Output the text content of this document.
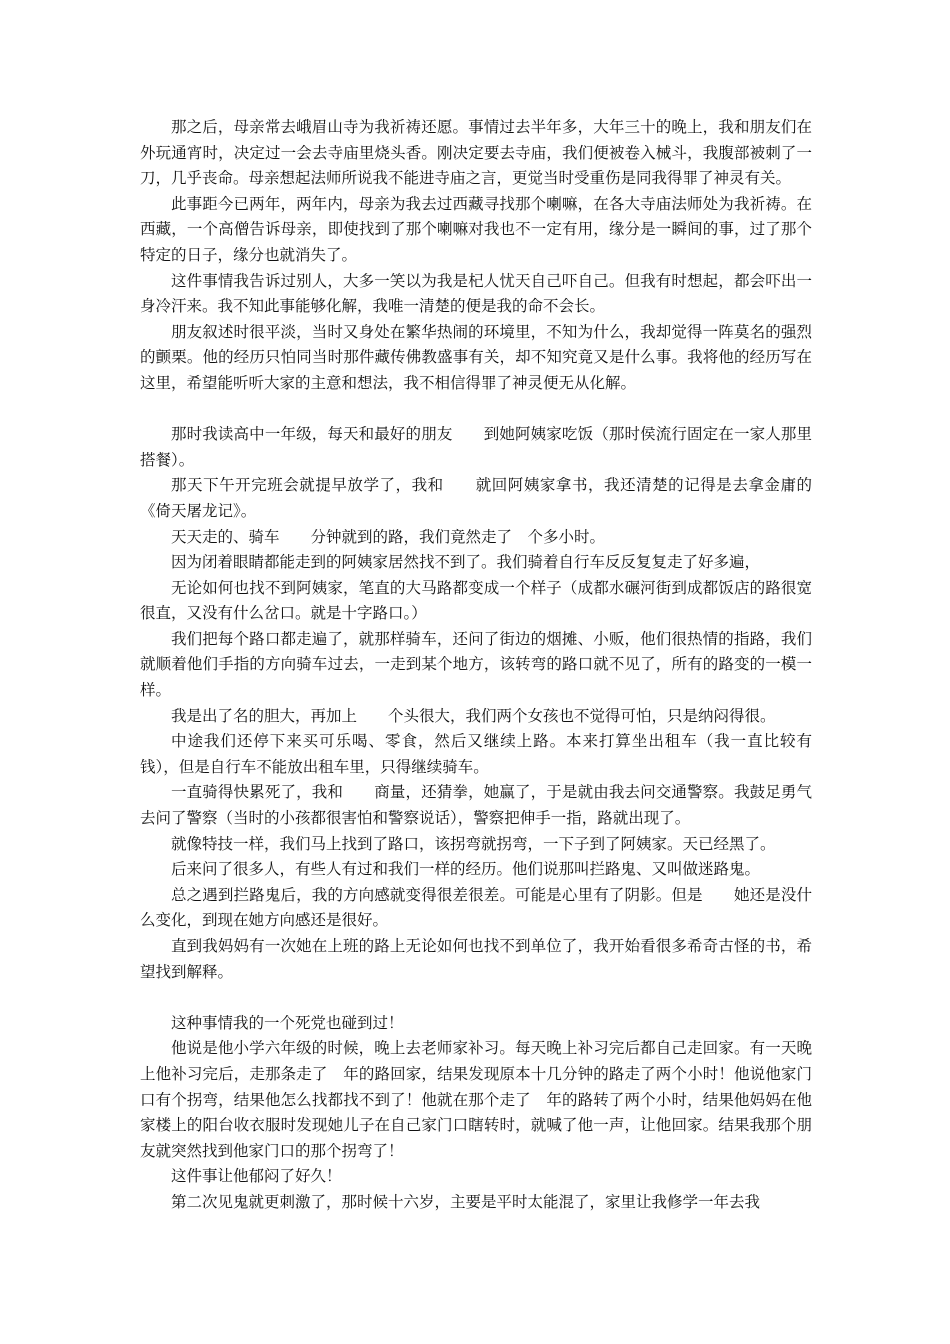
那之后，母亲常去峨眉山寺为我祈祷还愿。事情过去半年多，大年三十的晚上，我和朋友们在外玩通宵时，决定过一会去寺庙里烧头香。刚决定要去寺庙，我们便被卷入械斗，我腹部被刺了一刀，几乎丧命。母亲想起法师所说我不能进寺庙之言，更觉当时受重伤是同我得罪了神灵有关。

此事距今已两年，两年内，母亲为我去过西藏寻找那个喇嘛，在各大寺庙法师处为我祈祷。在西藏，一个高僧告诉母亲，即使找到了那个喇嘛对我也不一定有用，缘分是一瞬间的事，过了那个特定的日子，缘分也就消失了。

这件事情我告诉过别人，大多一笑以为我是杞人忧天自己吓自己。但我有时想起，都会吓出一身冷汗来。我不知此事能够化解，我唯一清楚的便是我的命不会长。

朋友叙述时很平淡，当时又身处在繁华热闹的环境里，不知为什么，我却觉得一阵莫名的强烈的颤栗。他的经历只怕同当时那件藏传佛教盛事有关，却不知究竟又是什么事。我将他的经历写在这里，希望能听听大家的主意和想法，我不相信得罪了神灵便无从化解。

那时我读高中一年级，每天和最好的朋友　　到她阿姨家吃饭（那时侯流行固定在一家人那里搭餐）。

那天下午开完班会就提早放学了，我和　　就回阿姨家拿书，我还清楚的记得是去拿金庸的《倚天屠龙记》。

天天走的、骑车　　分钟就到的路，我们竟然走了　个多小时。

因为闭着眼睛都能走到的阿姨家居然找不到了。我们骑着自行车反反复复走了好多遍，

无论如何也找不到阿姨家，笔直的大马路都变成一个样子（成都水碾河街到成都饭店的路很宽很直，又没有什么岔口。就是十字路口。）

我们把每个路口都走遍了，就那样骑车，还问了街边的烟摊、小贩，他们很热情的指路，我们就顺着他们手指的方向骑车过去，一走到某个地方，该转弯的路口就不见了，所有的路变的一模一样。

我是出了名的胆大，再加上　　个头很大，我们两个女孩也不觉得可怕，只是纳闷得很。

中途我们还停下来买可乐喝、零食，然后又继续上路。本来打算坐出租车（我一直比较有钱），但是自行车不能放出租车里，只得继续骑车。

一直骑得快累死了，我和　　商量，还猜拳，她赢了，于是就由我去问交通警察。我鼓足勇气去问了警察（当时的小孩都很害怕和警察说话），警察把伸手一指，路就出现了。

就像特技一样，我们马上找到了路口，该拐弯就拐弯，一下子到了阿姨家。天已经黑了。

后来问了很多人，有些人有过和我们一样的经历。他们说那叫拦路鬼、又叫做迷路鬼。

总之遇到拦路鬼后，我的方向感就变得很差很差。可能是心里有了阴影。但是　　她还是没什么变化，到现在她方向感还是很好。

直到我妈妈有一次她在上班的路上无论如何也找不到单位了，我开始看很多希奇古怪的书，希望找到解释。

这种事情我的一个死党也碰到过！

他说是他小学六年级的时候，晚上去老师家补习。每天晚上补习完后都自己走回家。有一天晚上他补习完后，走那条走了　年的路回家，结果发现原本十几分钟的路走了两个小时！他说他家门口有个拐弯，结果他怎么找都找不到了！他就在那个走了　年的路转了两个小时，结果他妈妈在他家楼上的阳台收衣服时发现她儿子在自己家门口瞎转时，就喊了他一声，让他回家。结果我那个朋友就突然找到他家门口的那个拐弯了！

这件事让他郁闷了好久！

第二次见鬼就更刺激了，那时候十六岁，主要是平时太能混了，家里让我修学一年去我
